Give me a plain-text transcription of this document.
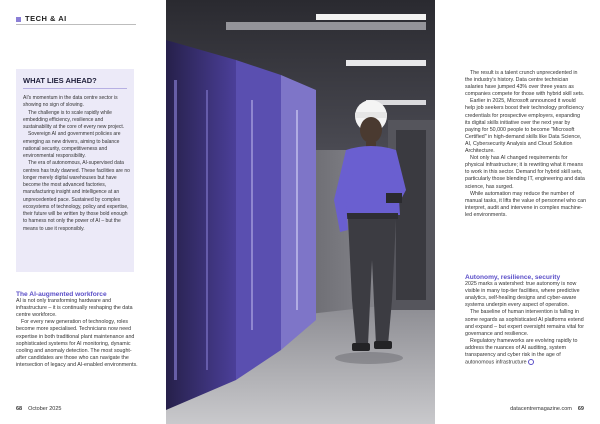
TECH & AI
WHAT LIES AHEAD?

AI's momentum in the data centre sector is showing no sign of slowing.

The challenge is to scale rapidly while embedding efficiency, resilience and sustainability at the core of every new project.

Sovereign AI and government policies are emerging as new drivers, aiming to balance national security, competitiveness and environmental responsibility.

The era of autonomous, AI-supervised data centres has truly dawned. These facilities are no longer merely digital warehouses but have become the most advanced factories, manufacturing insight and intelligence at an unprecedented pace. Sustained by complex ecosystems of technology, policy and expertise, their future will be written by those bold enough to harness not only the power of AI – but the means to use it responsibly.

The AI-augmented workforce

AI is not only transforming hardware and infrastructure – it is continually reshaping the data centre workforce.

For every new generation of technology, roles become more specialised. Technicians now need expertise in both traditional plant maintenance and sophisticated systems for AI monitoring, dynamic cooling and anomaly detection. The most sought-after candidates are those who can navigate the intersection of legacy and AI-enabled environments.

The result is a talent crunch unprecedented in the industry's history. Data centre technician salaries have jumped 43% over three years as companies compete for those with hybrid skill sets.

Earlier in 2025, Microsoft announced it would help job seekers boost their technology proficiency credentials for prospective employers, expanding its digital skills initiative over the next year by paying for 50,000 people to become "Microsoft Certified" in high-demand skills like Data Science, AI, Cybersecurity Analysis and Cloud Solution Architecture.

Not only has AI changed requirements for physical infrastructure; it is rewriting what it means to work in this sector. Demand for hybrid skill sets, particularly those blending IT, engineering and data science, has surged.

While automation may reduce the number of manual tasks, it lifts the value of personnel who can interpret, audit and intervene in complex machine-led environments.

Autonomy, resilience, security

2025 marks a watershed: true autonomy is now visible in many top-tier facilities, where predictive analytics, self-healing designs and cyber-aware systems underpin every aspect of operation.

The baseline of human intervention is falling in some regards as sophisticated AI platforms extend and expand – but expert oversight remains vital for governance and resilience.

Regulatory frameworks are evolving rapidly to address the nuances of AI auditing, system transparency and cyber risk in the age of autonomous infrastructure

68 October 2025	datacentremagazine.com 69
